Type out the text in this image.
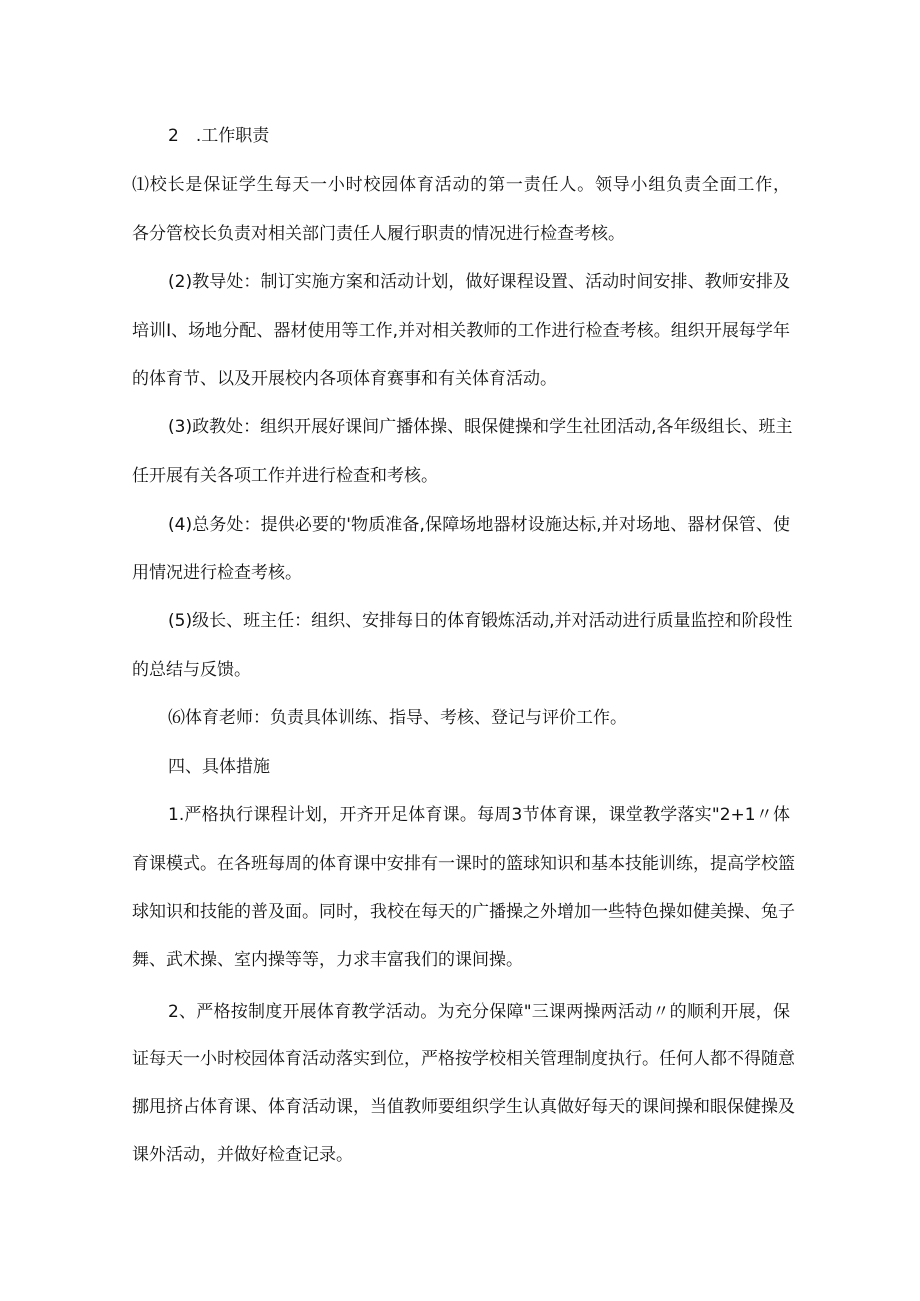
2　.工作职责
⑴校长是保证学生每天一小时校园体育活动的第一责任人。领导小组负责全面工作，
各分管校长负责对相关部门责任人履行职责的情况进行检查考核。
(2)教导处：制订实施方案和活动计划，做好课程设置、活动时间安排、教师安排及
培训I、场地分配、器材使用等工作,并对相关教师的工作进行检查考核。组织开展每学年
的体育节、以及开展校内各项体育赛事和有关体育活动。
(3)政教处：组织开展好课间广播体操、眼保健操和学生社团活动,各年级组长、班主
任开展有关各项工作并进行检查和考核。
(4)总务处：提供必要的'物质准备,保障场地器材设施达标,并对场地、器材保管、使
用情况进行检查考核。
(5)级长、班主任：组织、安排每日的体育锻炼活动,并对活动进行质量监控和阶段性
的总结与反馈。
⑹体育老师：负责具体训练、指导、考核、登记与评价工作。
四、具体措施
1.严格执行课程计划，开齐开足体育课。每周3节体育课，课堂教学落实"2+1〃体
育课模式。在各班每周的体育课中安排有一课时的篮球知识和基本技能训练，提高学校篮
球知识和技能的普及面。同时，我校在每天的广播操之外增加一些特色操如健美操、兔子
舞、武术操、室内操等等，力求丰富我们的课间操。
2、严格按制度开展体育教学活动。为充分保障"三课两操两活动〃的顺利开展，保
证每天一小时校园体育活动落实到位，严格按学校相关管理制度执行。任何人都不得随意
挪甩挤占体育课、体育活动课，当值教师要组织学生认真做好每天的课间操和眼保健操及
课外活动，并做好检查记录。
